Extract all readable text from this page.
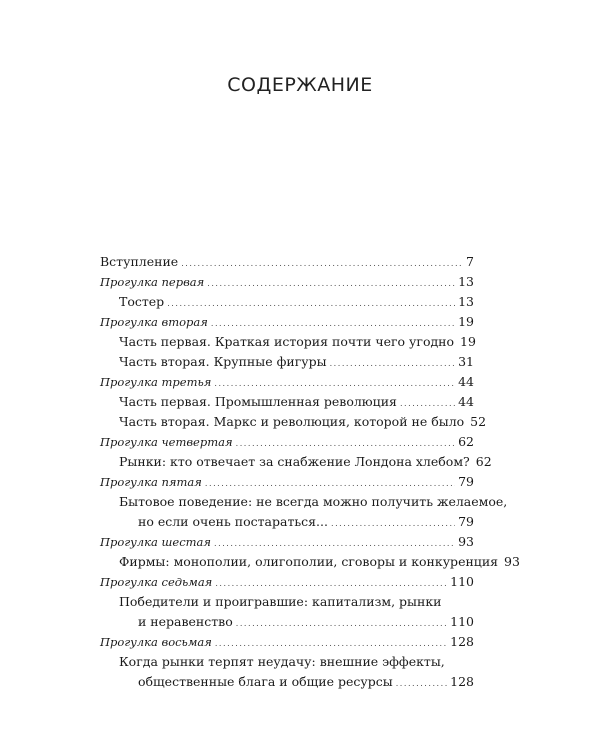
СОДЕРЖАНИЕ
Вступление . . .	7
Прогулка первая . . .	13
Тостер . . .	13
Прогулка вторая . . .	19
Часть первая. Краткая история почти чего угодно 19
Часть вторая. Крупные фигуры . . .	31
Прогулка третья . . .	44
Часть первая. Промышленная революция . . .	44
Часть вторая. Маркс и революция, которой не было 52
Прогулка четвертая . . .	62
Рынки: кто отвечает за снабжение Лондона хлебом? 62
Прогулка пятая . . .	79
Бытовое поведение: не всегда можно получить желаемое,
но если очень постараться... . . .	79
Прогулка шестая . . .	93
Фирмы: монополии, олигополии, сговоры и конкуренция 93
Прогулка седьмая . . .	110
Победители и проигравшие: капитализм, рынки
и неравенство . . .	110
Прогулка восьмая . . .	128
Когда рынки терпят неудачу: внешние эффекты,
общественные блага и общие ресурсы . . .	128
